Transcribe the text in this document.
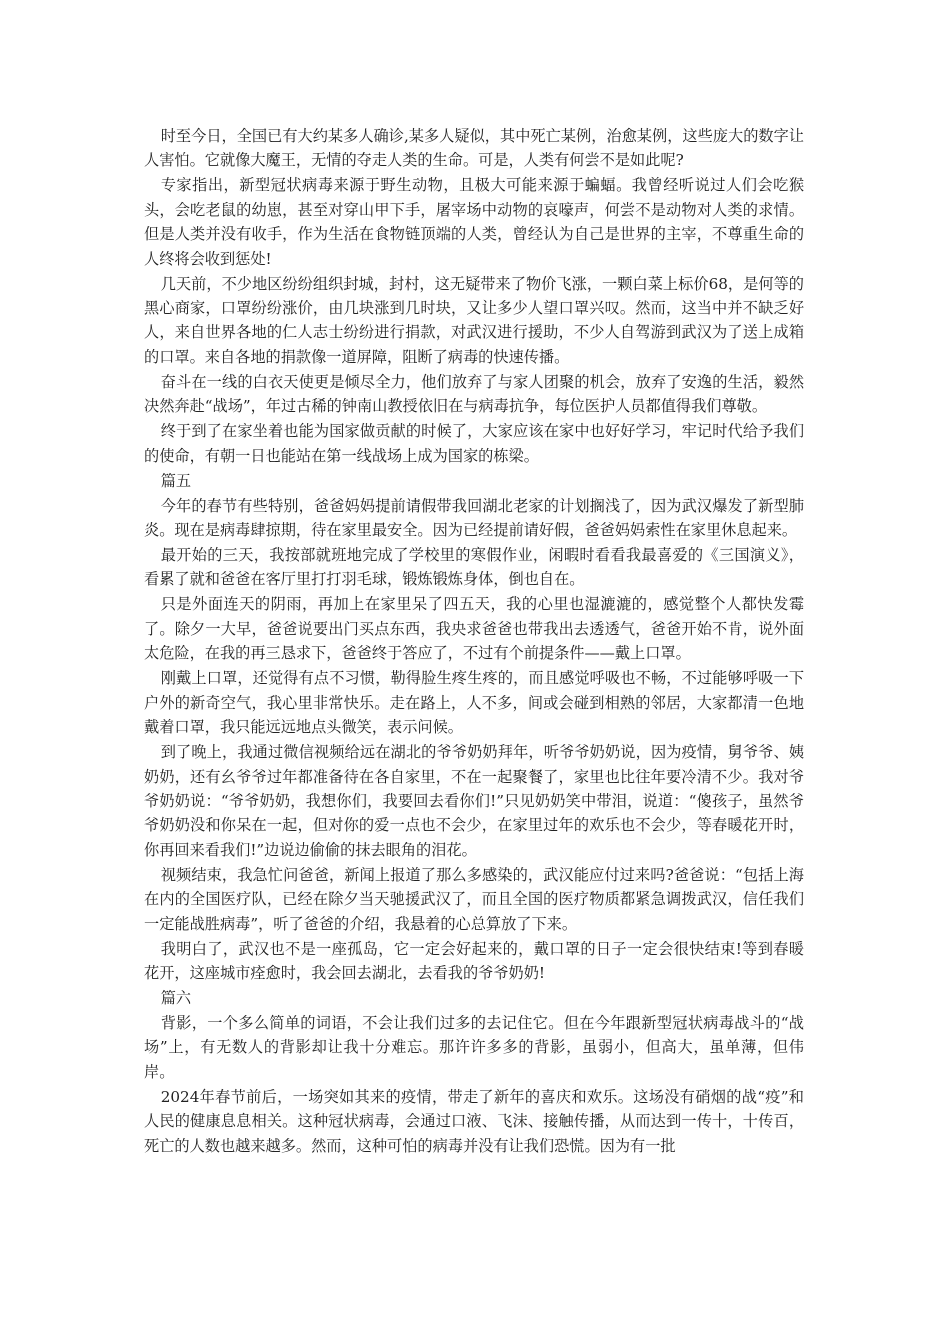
时至今日，全国已有大约某多人确诊,某多人疑似，其中死亡某例，治愈某例，这些庞大的数字让人害怕。它就像大魔王，无情的夺走人类的生命。可是，人类有何尝不是如此呢?

专家指出，新型冠状病毒来源于野生动物，且极大可能来源于蝙蝠。我曾经听说过人们会吃猴头，会吃老鼠的幼崽，甚至对穿山甲下手，屠宰场中动物的哀嚎声，何尝不是动物对人类的求情。但是人类并没有收手，作为生活在食物链顶端的人类，曾经认为自己是世界的主宰，不尊重生命的人终将会收到惩处!

几天前，不少地区纷纷组织封城，封村，这无疑带来了物价飞涨，一颗白菜上标价68，是何等的黑心商家，口罩纷纷涨价，由几块涨到几时块，又让多少人望口罩兴叹。然而，这当中并不缺乏好人，来自世界各地的仁人志士纷纷进行捐款，对武汉进行援助，不少人自驾游到武汉为了送上成箱的口罩。来自各地的捐款像一道屏障，阻断了病毒的快速传播。

奋斗在一线的白衣天使更是倾尽全力，他们放弃了与家人团聚的机会，放弃了安逸的生活，毅然决然奔赴“战场”，年过古稀的钟南山教授依旧在与病毒抗争，每位医护人员都值得我们尊敬。

终于到了在家坐着也能为国家做贡献的时候了，大家应该在家中也好好学习，牢记时代给予我们的使命，有朝一日也能站在第一线战场上成为国家的栋梁。

篇五

今年的春节有些特别，爸爸妈妈提前请假带我回湖北老家的计划搁浅了，因为武汉爆发了新型肺炎。现在是病毒肆掠期，待在家里最安全。因为已经提前请好假，爸爸妈妈索性在家里休息起来。

最开始的三天，我按部就班地完成了学校里的寒假作业，闲暇时看看我最喜爱的《三国演义》，看累了就和爸爸在客厅里打打羽毛球，锻炼锻炼身体，倒也自在。

只是外面连天的阴雨，再加上在家里呆了四五天，我的心里也湿漉漉的，感觉整个人都快发霉了。除夕一大早，爸爸说要出门买点东西，我央求爸爸也带我出去透透气，爸爸开始不肯，说外面太危险，在我的再三恳求下，爸爸终于答应了，不过有个前提条件——戴上口罩。

刚戴上口罩，还觉得有点不习惯，勒得脸生疼生疼的，而且感觉呼吸也不畅，不过能够呼吸一下户外的新奇空气，我心里非常快乐。走在路上，人不多，间或会碰到相熟的邻居，大家都清一色地戴着口罩，我只能远远地点头微笑，表示问候。

到了晚上，我通过微信视频给远在湖北的爷爷奶奶拜年，听爷爷奶奶说，因为疫情，舅爷爷、姨奶奶，还有幺爷爷过年都准备待在各自家里，不在一起聚餐了，家里也比往年要冷清不少。我对爷爷奶奶说：“爷爷奶奶，我想你们，我要回去看你们!”只见奶奶笑中带泪，说道：“傻孩子，虽然爷爷奶奶没和你呆在一起，但对你的爱一点也不会少，在家里过年的欢乐也不会少，等春暖花开时，你再回来看我们!”边说边偷偷的抹去眼角的泪花。

视频结束，我急忙问爸爸，新闻上报道了那么多感染的，武汉能应付过来吗?爸爸说：“包括上海在内的全国医疗队，已经在除夕当天驰援武汉了，而且全国的医疗物质都紧急调拨武汉，信任我们一定能战胜病毒”，听了爸爸的介绍，我悬着的心总算放了下来。

我明白了，武汉也不是一座孤岛，它一定会好起来的，戴口罩的日子一定会很快结束!等到春暖花开，这座城市痊愈时，我会回去湖北，去看我的爷爷奶奶!

篇六

背影，一个多么简单的词语，不会让我们过多的去记住它。但在今年跟新型冠状病毒战斗的“战场”上，有无数人的背影却让我十分难忘。那许许多多的背影，虽弱小，但高大，虽单薄，但伟岸。

2024年春节前后，一场突如其来的疫情，带走了新年的喜庆和欢乐。这场没有硝烟的战“疫”和人民的健康息息相关。这种冠状病毒，会通过口液、飞沫、接触传播，从而达到一传十，十传百，死亡的人数也越来越多。然而，这种可怕的病毒并没有让我们恐慌。因为有一批
